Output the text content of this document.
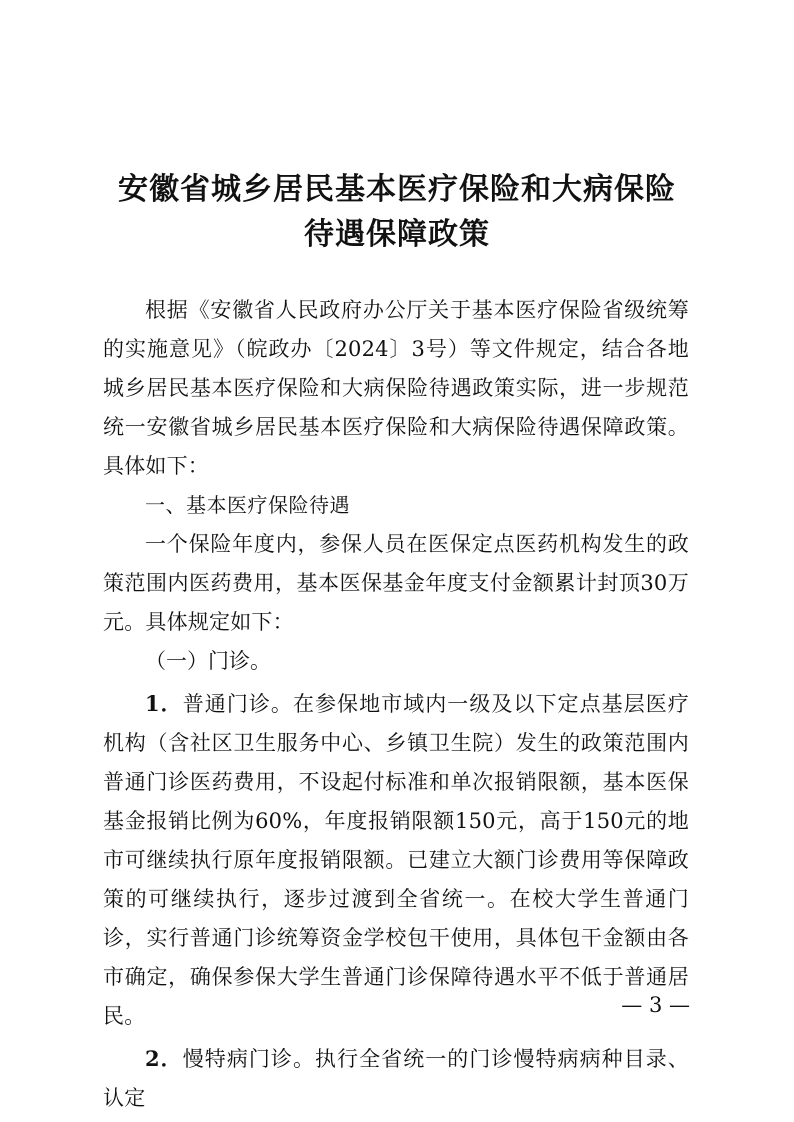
安徽省城乡居民基本医疗保险和大病保险
待遇保障政策

根据《安徽省人民政府办公厅关于基本医疗保险省级统筹的实施意见》（皖政办〔2024〕3号）等文件规定，结合各地城乡居民基本医疗保险和大病保险待遇政策实际，进一步规范统一安徽省城乡居民基本医疗保险和大病保险待遇保障政策。具体如下：

一、基本医疗保险待遇

一个保险年度内，参保人员在医保定点医药机构发生的政策范围内医药费用，基本医保基金年度支付金额累计封顶30万元。具体规定如下：

（一）门诊。

1．普通门诊。在参保地市域内一级及以下定点基层医疗机构（含社区卫生服务中心、乡镇卫生院）发生的政策范围内普通门诊医药费用，不设起付标准和单次报销限额，基本医保基金报销比例为60%，年度报销限额150元，高于150元的地市可继续执行原年度报销限额。已建立大额门诊费用等保障政策的可继续执行，逐步过渡到全省统一。在校大学生普通门诊，实行普通门诊统筹资金学校包干使用，具体包干金额由各市确定，确保参保大学生普通门诊保障待遇水平不低于普通居民。

2．慢特病门诊。执行全省统一的门诊慢特病病种目录、认定

— 3 —
